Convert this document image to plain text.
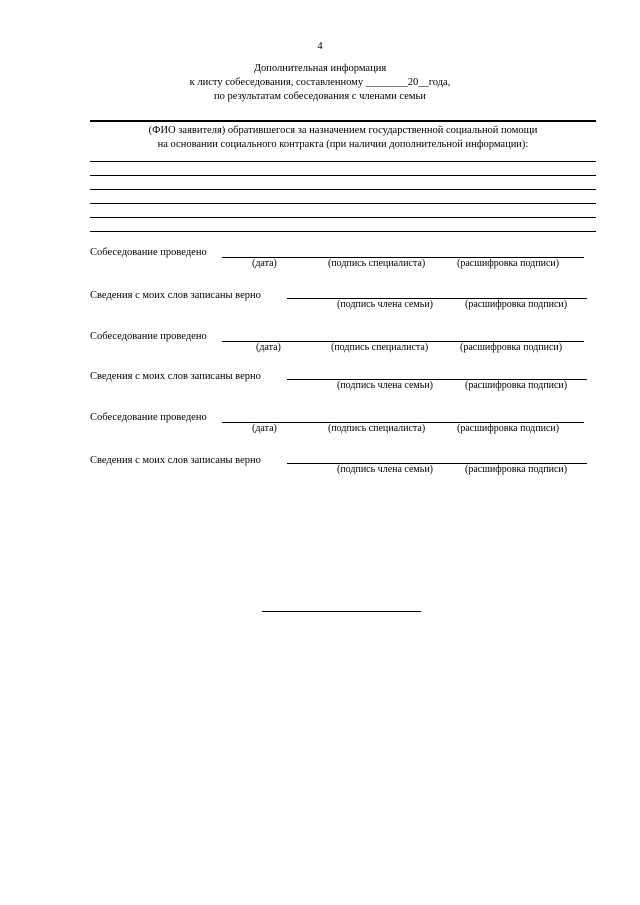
4
Дополнительная информация
к листу собеседования, составленному ________20__года,
по результатам собеседования с членами семьи
(ФИО заявителя) обратившегося за назначением государственной социальной помощи
на основании социального контракта (при наличии дополнительной информации):
Собеседование проведено
(дата)	(подпись специалиста)	(расшифровка подписи)
Сведения с моих слов записаны верно
(подпись члена семьи)	(расшифровка подписи)
Собеседование проведено
(дата)	(подпись специалиста)	(расшифровка подписи)
Сведения с моих слов записаны верно
(подпись члена семьи)	(расшифровка подписи)
Собеседование проведено
(дата)	(подпись специалиста)	(расшифровка подписи)
Сведения с моих слов записаны верно
(подпись члена семьи)	(расшифровка подписи)
